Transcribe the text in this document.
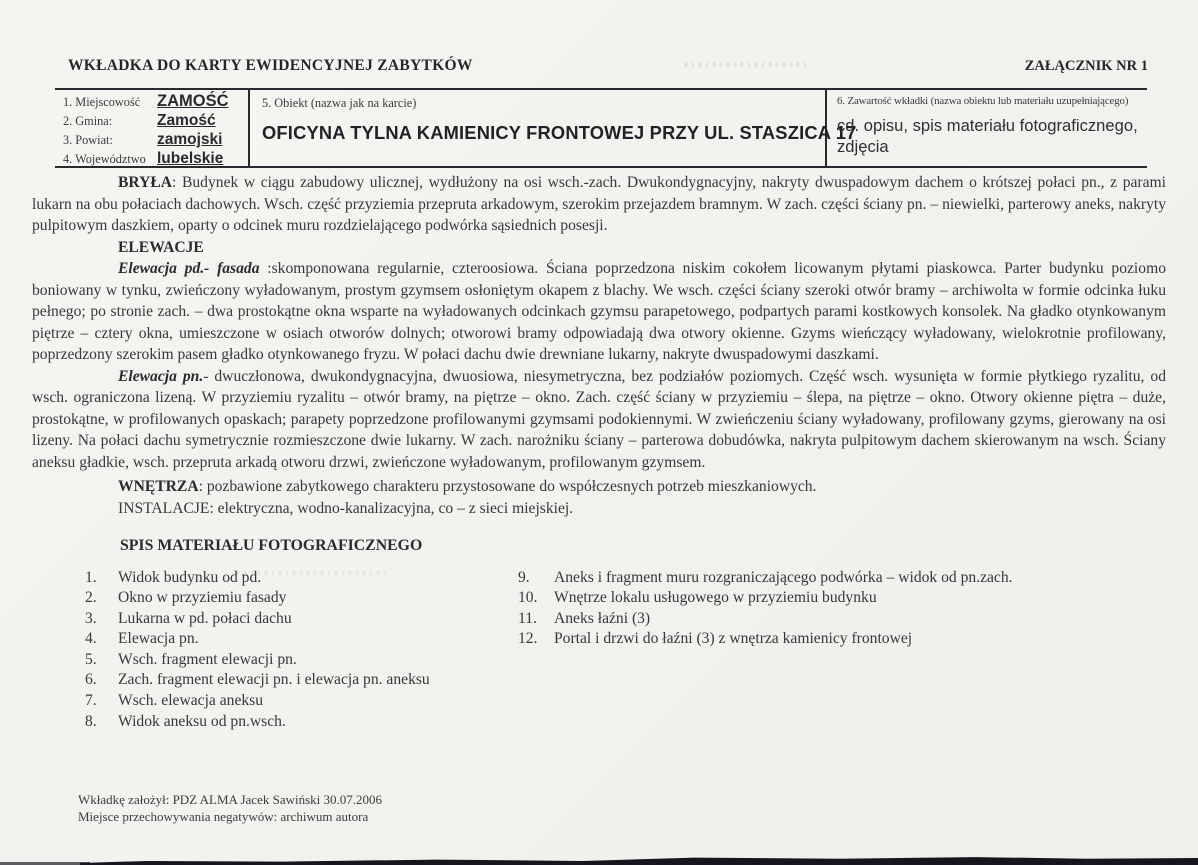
WKŁADKA DO KARTY EWIDENCYJNEJ ZABYTKÓW	ZAŁĄCZNIK NR 1
1. Miejscowość	ZAMOŚĆ
2. Gmina:	Zamość
3. Powiat:	zamojski
4. Województwo lubelskie
5. Obiekt (nazwa jak na karcie)
OFICYNA TYLNA KAMIENICY FRONTOWEJ PRZY UL. STASZICA 17
6. Zawartość wkładki (nazwa obiektu lub materiału uzupełniającego)
cd. opisu, spis materiału fotograficznego,
zdjęcia

BRYŁA: Budynek w ciągu zabudowy ulicznej, wydłużony na osi wsch.-zach. Dwukondygnacyjny, nakryty dwuspadowym dachem o krótszej połaci pn., z parami lukarn na obu połaciach dachowych. Wsch. część przyziemia przepruta arkadowym, szerokim przejazdem bramnym. W zach. części ściany pn. – niewielki, parterowy aneks, nakryty pulpitowym daszkiem, oparty o odcinek muru rozdzielającego podwórka sąsiednich posesji.

ELEWACJE

Elewacja pd.- fasada :skomponowana regularnie, czteroosiowa. Ściana poprzedzona niskim cokołem licowanym płytami piaskowca. Parter budynku poziomo boniowany w tynku, zwieńczony wyładowanym, prostym gzymsem osłoniętym okapem z blachy. We wsch. części ściany szeroki otwór bramy – archiwolta w formie odcinka łuku pełnego; po stronie zach. – dwa prostokątne okna wsparte na wyładowanych odcinkach gzymsu parapetowego, podpartych parami kostkowych konsolek. Na gładko otynkowanym piętrze – cztery okna, umieszczone w osiach otworów dolnych; otworowi bramy odpowiadają dwa otwory okienne. Gzyms wieńczący wyładowany, wielokrotnie profilowany, poprzedzony szerokim pasem gładko otynkowanego fryzu. W połaci dachu dwie drewniane lukarny, nakryte dwuspadowymi daszkami.

Elewacja pn.- dwuczłonowa, dwukondygnacyjna, dwuosiowa, niesymetryczna, bez podziałów poziomych. Część wsch. wysunięta w formie płytkiego ryzalitu, od wsch. ograniczona lizeną. W przyziemiu ryzalitu – otwór bramy, na piętrze – okno. Zach. część ściany w przyziemiu – ślepa, na piętrze – okno. Otwory okienne piętra – duże, prostokątne, w profilowanych opaskach; parapety poprzedzone profilowanymi gzymsami podokiennymi. W zwieńczeniu ściany wyładowany, profilowany gzyms, gierowany na osi lizeny. Na połaci dachu symetrycznie rozmieszczone dwie lukarny. W zach. narożniku ściany – parterowa dobudówka, nakryta pulpitowym dachem skierowanym na wsch. Ściany aneksu gładkie, wsch. przepruta arkadą otworu drzwi, zwieńczone wyładowanym, profilowanym gzymsem.

WNĘTRZA: pozbawione zabytkowego charakteru przystosowane do współczesnych potrzeb mieszkaniowych.

INSTALACJE: elektryczna, wodno-kanalizacyjna, co – z sieci miejskiej.

SPIS MATERIAŁU FOTOGRAFICZNEGO

1.	Widok budynku od pd.
2.	Okno w przyziemiu fasady
3.	Lukarna w pd. połaci dachu
4.	Elewacja pn.
5.	Wsch. fragment elewacji pn.
6.	Zach. fragment elewacji pn. i elewacja pn. aneksu
7.	Wsch. elewacja aneksu
8.	Widok aneksu od pn.wsch.
9.	Aneks i fragment muru rozgraniczającego podwórka – widok od pn.zach.
10.	Wnętrze lokalu usługowego w przyziemiu budynku
11.	Aneks łaźni (3)
12.	Portal i drzwi do łaźni (3) z wnętrza kamienicy frontowej
Wkładkę założył: PDZ ALMA Jacek Sawiński 30.07.2006
Miejsce przechowywania negatywów: archiwum autora
